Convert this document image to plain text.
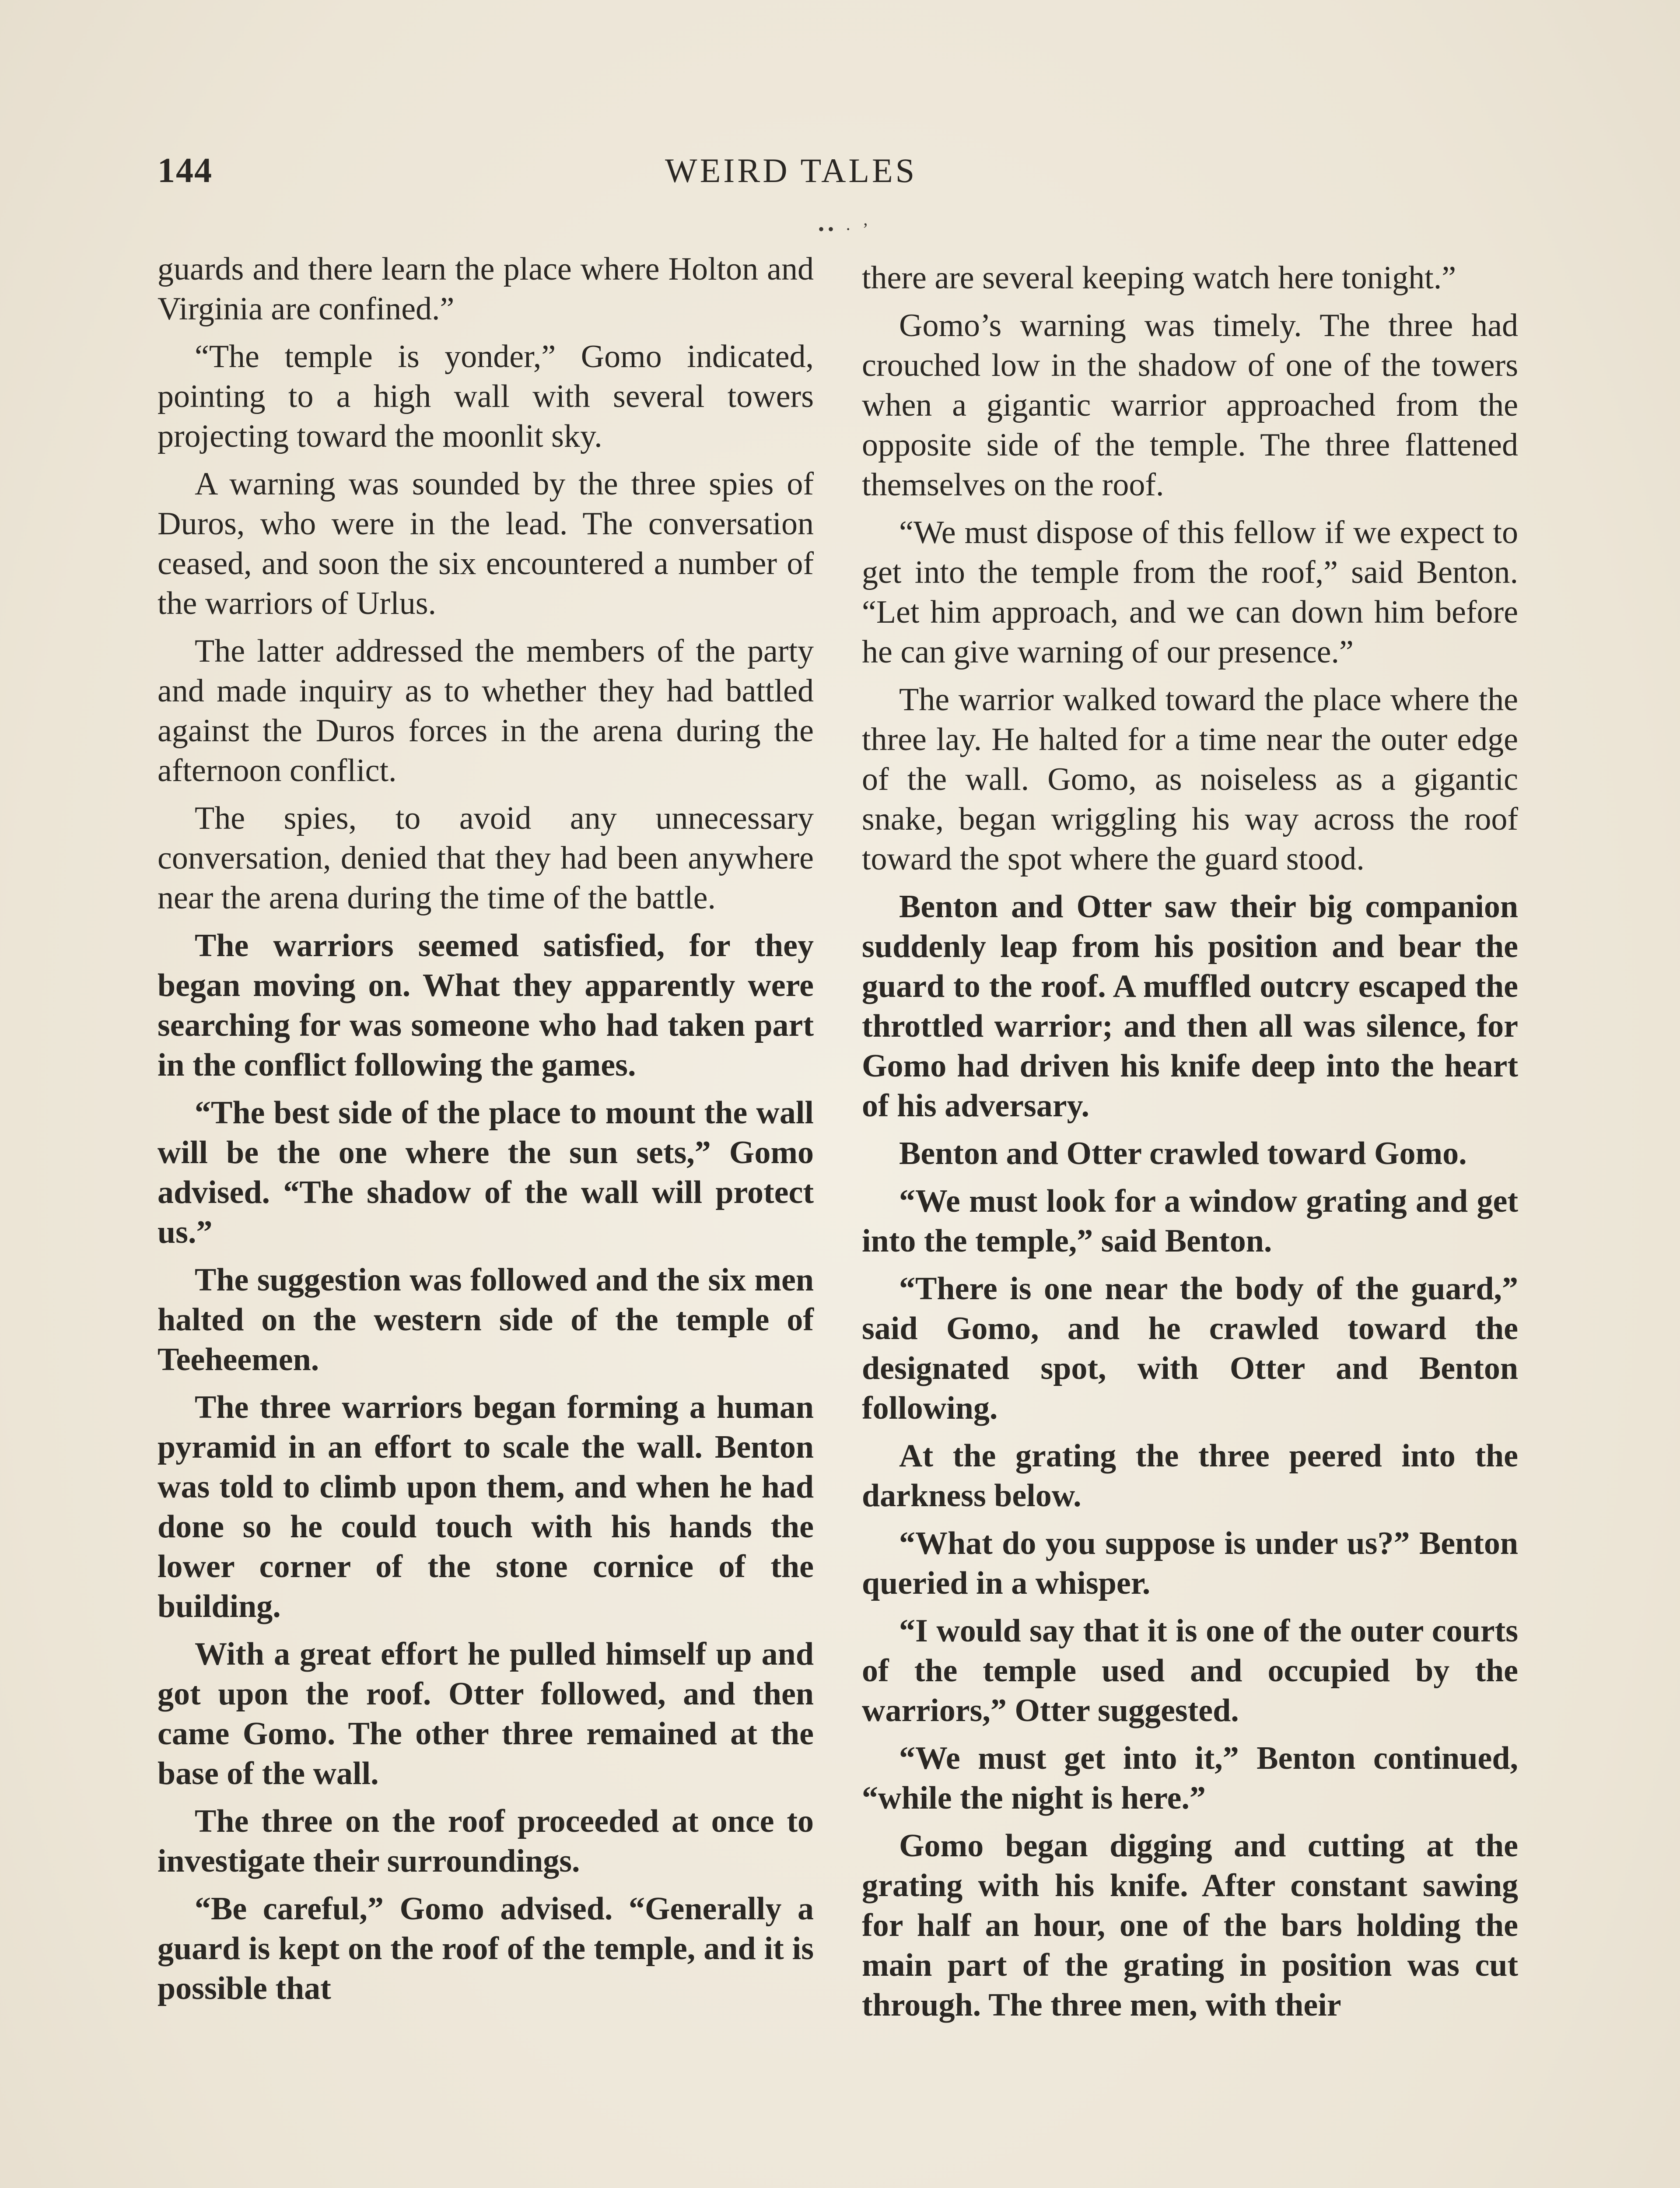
144	WEIRD TALES
•• · ’

guards and there learn the place where Holton and Virginia are confined.”

“The temple is yonder,” Gomo indicated, pointing to a high wall with several towers projecting toward the moonlit sky.

A warning was sounded by the three spies of Duros, who were in the lead. The conversation ceased, and soon the six encountered a number of the warriors of Urlus.

The latter addressed the members of the party and made inquiry as to whether they had battled against the Duros forces in the arena during the afternoon conflict.

The spies, to avoid any unnecessary conversation, denied that they had been anywhere near the arena during the time of the battle.

The warriors seemed satisfied, for they began moving on. What they apparently were searching for was someone who had taken part in the conflict following the games.

“The best side of the place to mount the wall will be the one where the sun sets,” Gomo advised. “The shadow of the wall will protect us.”

The suggestion was followed and the six men halted on the western side of the temple of Teeheemen.

The three warriors began forming a human pyramid in an effort to scale the wall. Benton was told to climb upon them, and when he had done so he could touch with his hands the lower corner of the stone cornice of the building.

With a great effort he pulled himself up and got upon the roof. Otter followed, and then came Gomo. The other three remained at the base of the wall.

The three on the roof proceeded at once to investigate their surroundings.

“Be careful,” Gomo advised. “Generally a guard is kept on the roof of the temple, and it is possible that

there are several keeping watch here tonight.”

Gomo’s warning was timely. The three had crouched low in the shadow of one of the towers when a gigantic warrior approached from the opposite side of the temple. The three flattened themselves on the roof.

“We must dispose of this fellow if we expect to get into the temple from the roof,” said Benton. “Let him approach, and we can down him before he can give warning of our presence.”

The warrior walked toward the place where the three lay. He halted for a time near the outer edge of the wall. Gomo, as noiseless as a gigantic snake, began wriggling his way across the roof toward the spot where the guard stood.

Benton and Otter saw their big companion suddenly leap from his position and bear the guard to the roof. A muffled outcry escaped the throttled warrior; and then all was silence, for Gomo had driven his knife deep into the heart of his adversary.

Benton and Otter crawled toward Gomo.

“We must look for a window grating and get into the temple,” said Benton.

“There is one near the body of the guard,” said Gomo, and he crawled toward the designated spot, with Otter and Benton following.

At the grating the three peered into the darkness below.

“What do you suppose is under us?” Benton queried in a whisper.

“I would say that it is one of the outer courts of the temple used and occupied by the warriors,” Otter suggested.

“We must get into it,” Benton continued, “while the night is here.”

Gomo began digging and cutting at the grating with his knife. After constant sawing for half an hour, one of the bars holding the main part of the grating in position was cut through. The three men, with their
